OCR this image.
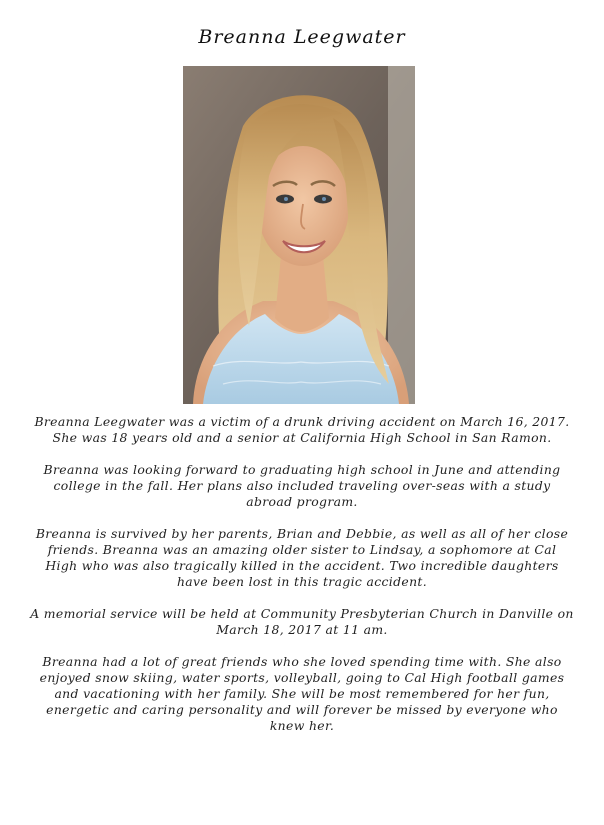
Breanna Leegwater

Breanna Leegwater was a victim of a drunk driving accident on March 16, 2017. She was 18 years old and a senior at California High School in San Ramon.

Breanna was looking forward to graduating high school in June and attending college in the fall. Her plans also included traveling over-seas with a study abroad program.

Breanna is survived by her parents, Brian and Debbie, as well as all of her close friends. Breanna was an amazing older sister to Lindsay, a sophomore at Cal High who was also tragically killed in the accident. Two incredible daughters have been lost in this tragic accident.

A memorial service will be held at Community Presbyterian Church in Danville on March 18, 2017 at 11 am.

Breanna had a lot of great friends who she loved spending time with. She also enjoyed snow skiing, water sports, volleyball, going to Cal High football games and vacationing with her family. She will be most remembered for her fun, energetic and caring personality and will forever be missed by everyone who knew her.
